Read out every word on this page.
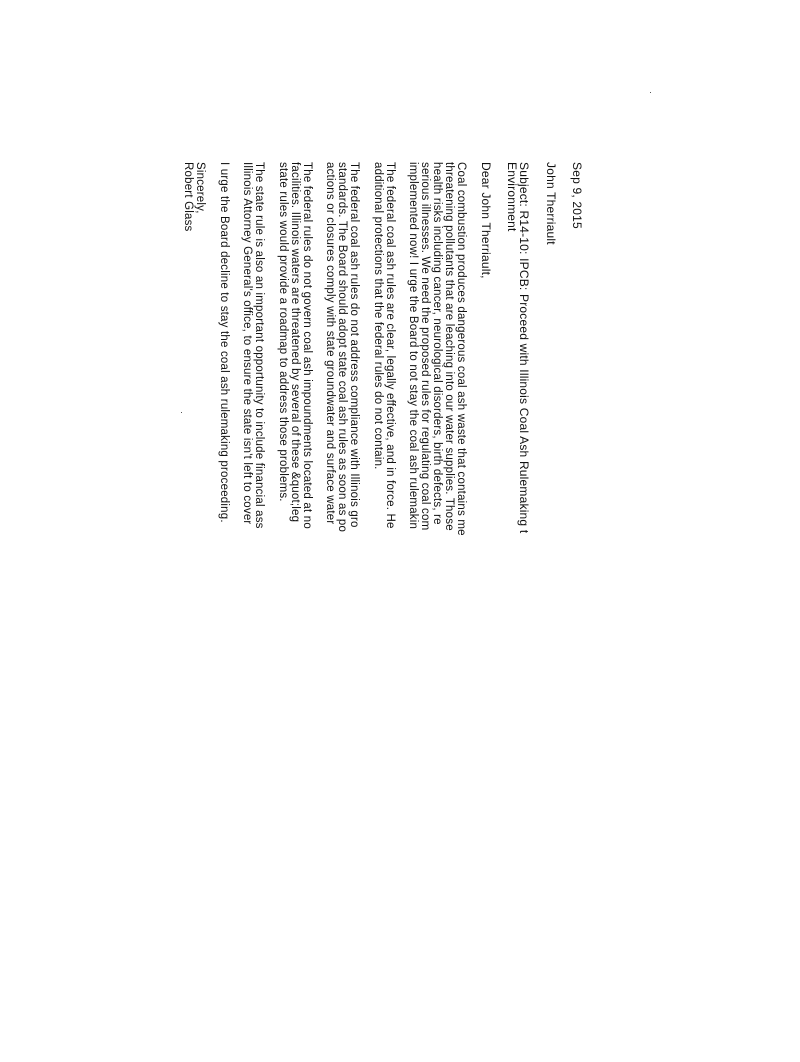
Sep 9, 2015
John Therriault
Subject: R14-10: IPCB: Proceed with Illinois Coal Ash Rulemaking t
Environment
Dear John Therriault,
Coal combustion produces dangerous coal ash waste that contains me
threatening pollutants that are leaching into our water supplies. Those
health risks including cancer, neurological disorders, birth defects, re
serious illnesses. We need the proposed rules for regulating coal com
implemented now! I urge the Board to not stay the coal ash rulemakin
The federal coal ash rules are clear, legally effective, and in force. He
additional protections that the federal rules do not contain.
The federal coal ash rules do not address compliance with Illinois gro
standards. The Board should adopt state coal ash rules as soon as po
actions or closures comply with state groundwater and surface water
The federal rules do not govern coal ash impoundments located at no
facilities. Illinois waters are threatened by several of these &quot;leg
state rules would provide a roadmap to address those problems.
The state rule is also an important opportunity to include financial ass
Illinois Attorney General's office, to ensure the state isn't left to cover
I urge the Board decline to stay the coal ash rulemaking proceeding.
Sincerely,
Robert Glass
